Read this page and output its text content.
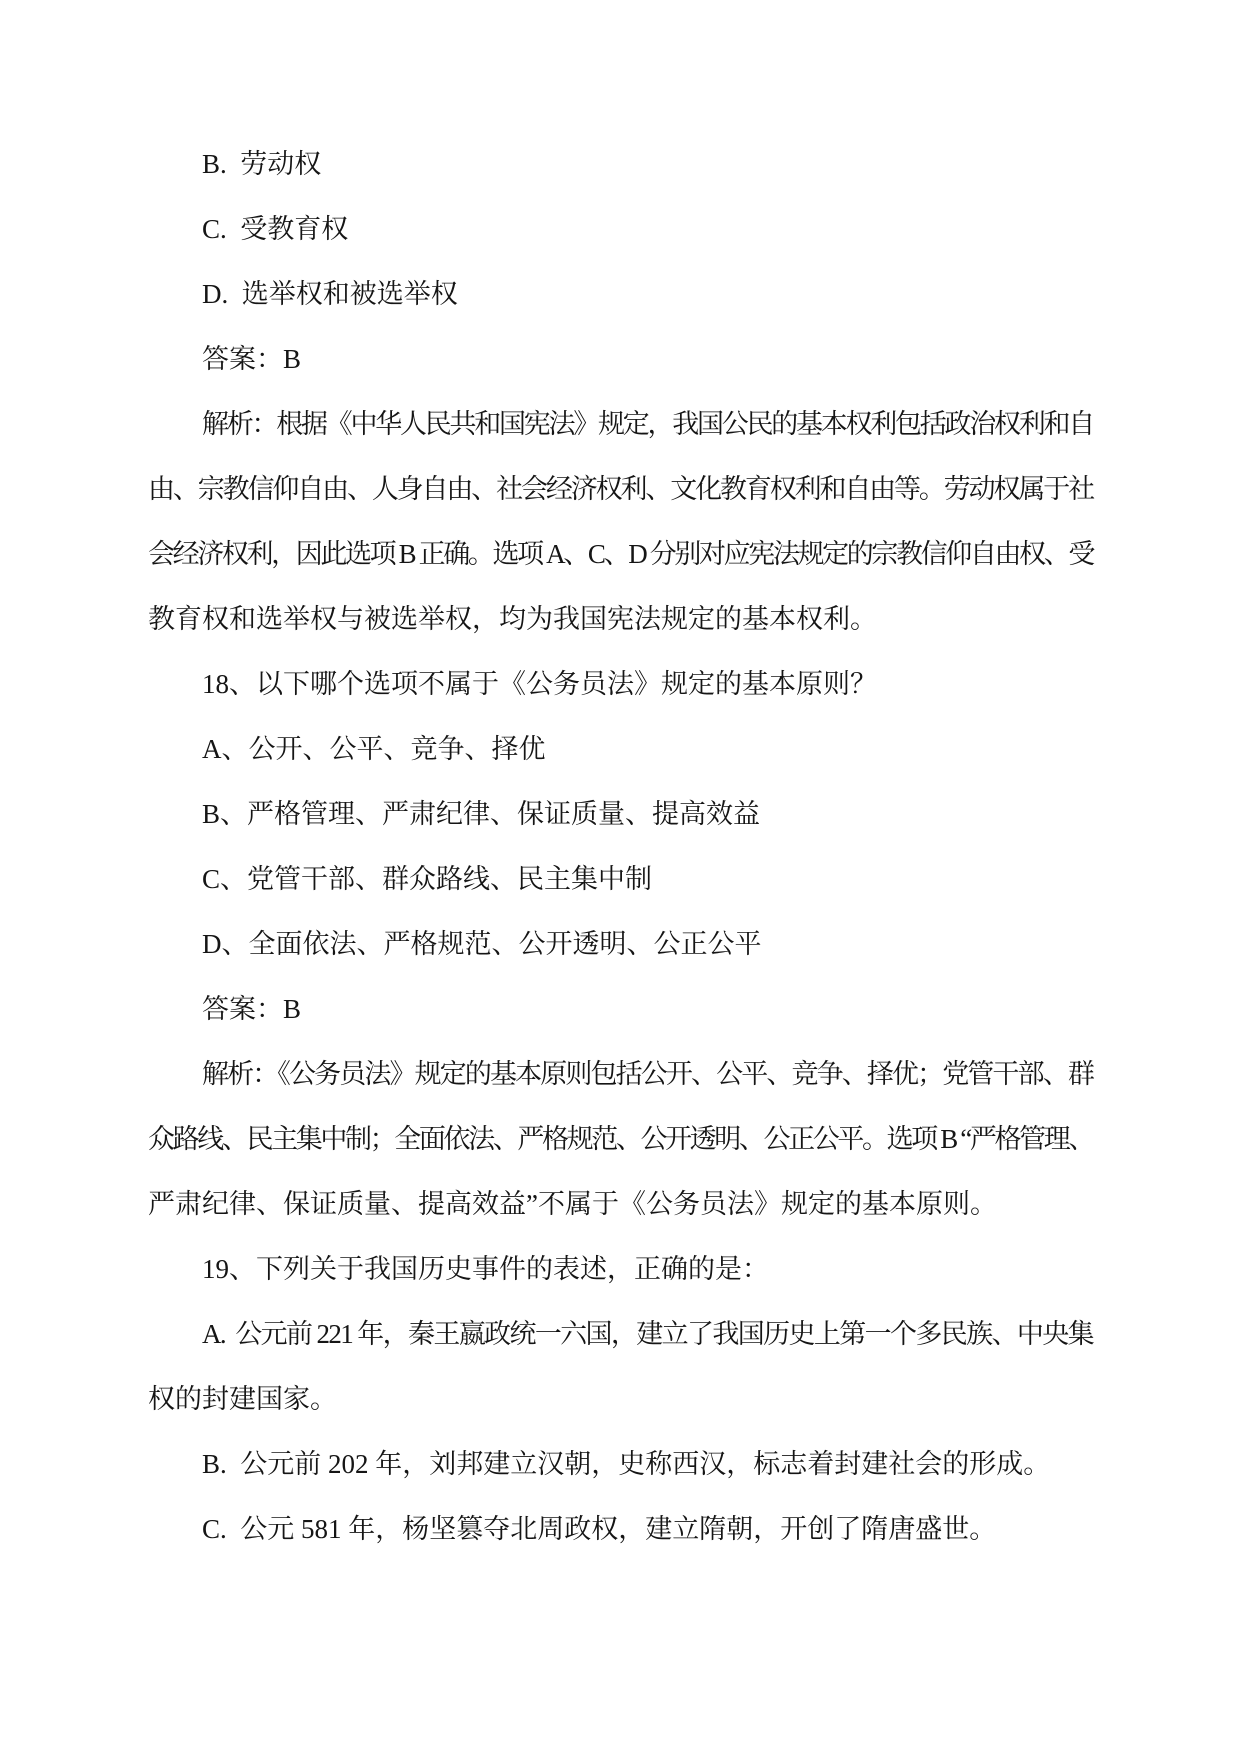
B.  劳动权
C.  受教育权
D.  选举权和被选举权
答案：B
解析：根据《中华人民共和国宪法》规定，我国公民的基本权利包括政治权利和自
由、宗教信仰自由、人身自由、社会经济权利、文化教育权利和自由等。劳动权属于社
会经济权利，因此选项 B 正确。选项 A、C、D 分别对应宪法规定的宗教信仰自由权、受
教育权和选举权与被选举权，均为我国宪法规定的基本权利。
18、以下哪个选项不属于《公务员法》规定的基本原则？
A、公开、公平、竞争、择优
B、严格管理、严肃纪律、保证质量、提高效益
C、党管干部、群众路线、民主集中制
D、全面依法、严格规范、公开透明、公正公平
答案：B
解析：《公务员法》规定的基本原则包括公开、公平、竞争、择优；党管干部、群
众路线、民主集中制；全面依法、严格规范、公开透明、公正公平。选项 B “严格管理、
严肃纪律、保证质量、提高效益”不属于《公务员法》规定的基本原则。
19、下列关于我国历史事件的表述，正确的是：
A.  公元前 221 年，秦王嬴政统一六国，建立了我国历史上第一个多民族、中央集
权的封建国家。
B.  公元前 202 年，刘邦建立汉朝，史称西汉，标志着封建社会的形成。
C.  公元 581 年，杨坚篡夺北周政权，建立隋朝，开创了隋唐盛世。
